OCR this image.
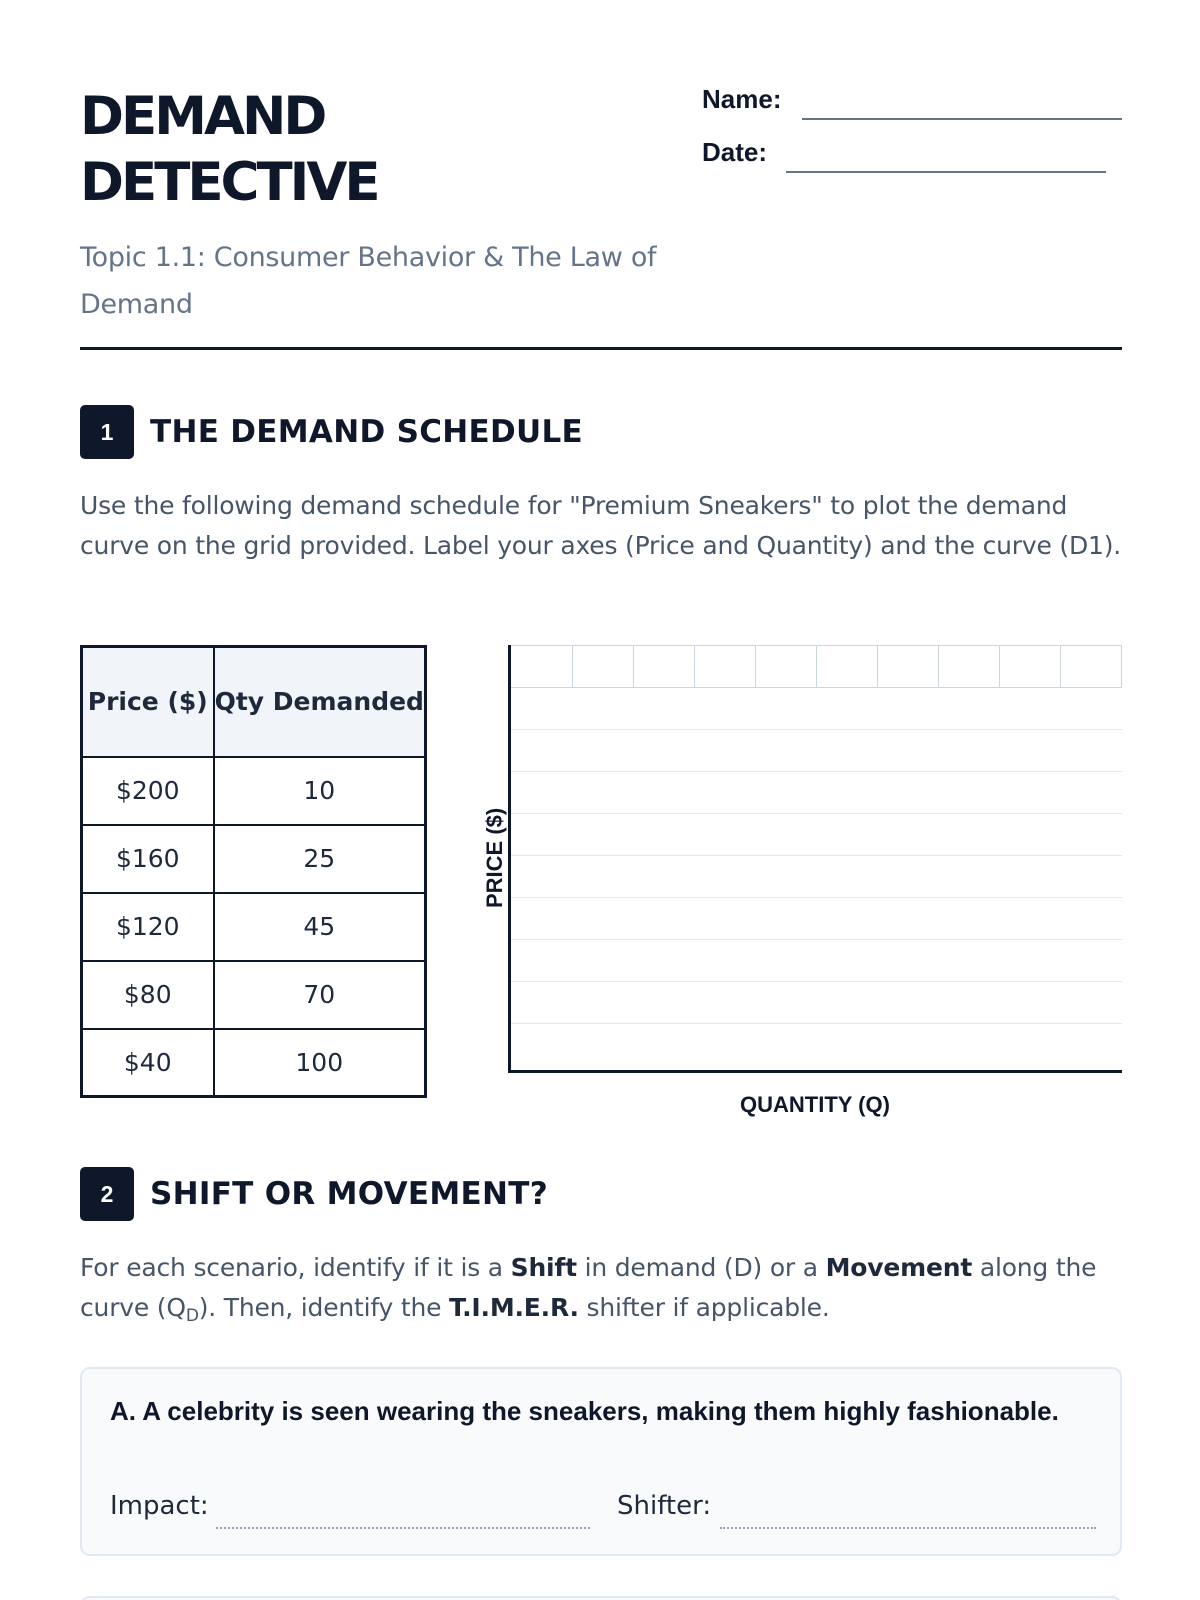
DEMAND
DETECTIVE
Topic 1.1: Consumer Behavior & The Law of Demand
Name:
Date:
1	THE DEMAND SCHEDULE
Use the following demand schedule for "Premium Sneakers" to plot the demand curve on the grid provided. Label your axes (Price and Quantity) and the curve (D1).
Price ($)	Qty Demanded
$200	10
$160	25
$120	45
$80	70
$40	100
PRICE ($)
QUANTITY (Q)
2	SHIFT OR MOVEMENT?
For each scenario, identify if it is a Shift in demand (D) or a Movement along the curve $(Q_D)$. Then, identify the T.I.M.E.R. shifter if applicable.
A. A celebrity is seen wearing the sneakers, making them highly fashionable.
Impact:	Shifter:
